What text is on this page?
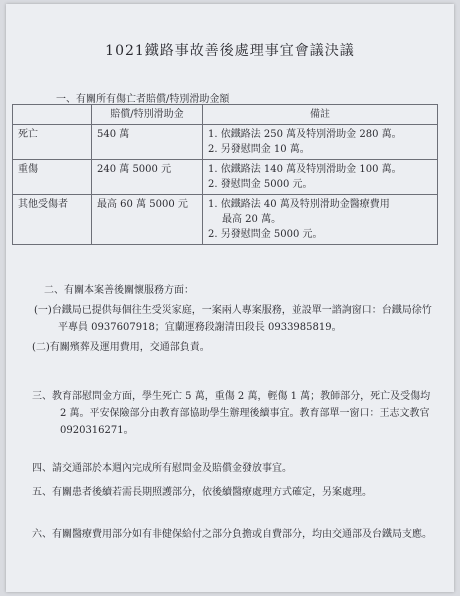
1021鐵路事故善後處理事宜會議決議
一、有關所有傷亡者賠償/特別滑助金額
	賠償/特別滑助金	備註
死亡	540 萬	1. 依鐵路法 250 萬及特別滑助金 280 萬。
2. 另發慰問金 10 萬。

重傷	240 萬 5000 元	1. 依鐵路法 140 萬及特別滑助金 100 萬。
2. 發慰問金 5000 元。

其他受傷者	最高 60 萬 5000 元	1. 依鐵路法 40 萬及特別滑助金醫療費用
最高 20 萬。
2. 另發慰問金 5000 元。
二、有關本案善後關懷服務方面：
(一)台鐵局已提供每個往生受災家庭，一案兩人專案服務，並設單一諮詢窗口：台鐵局徐竹平專員 0937607918；宜蘭運務段謝清田段長 0933985819。
(二)有關殯葬及運用費用，交通部負責。
三、教育部慰問金方面，學生死亡 5 萬，重傷 2 萬，輕傷 1 萬；教師部分，死亡及受傷均 2 萬。平安保險部分由教育部協助學生辦理後續事宜。教育部單一窗口：王志文教官 0920316271。
四、請交通部於本週內完成所有慰問金及賠償金發放事宜。
五、有關患者後續若需長期照護部分，依後續醫療處理方式確定，另案處理。
六、有關醫療費用部分如有非健保給付之部分負擔或自費部分，均由交通部及台鐵局支應。
